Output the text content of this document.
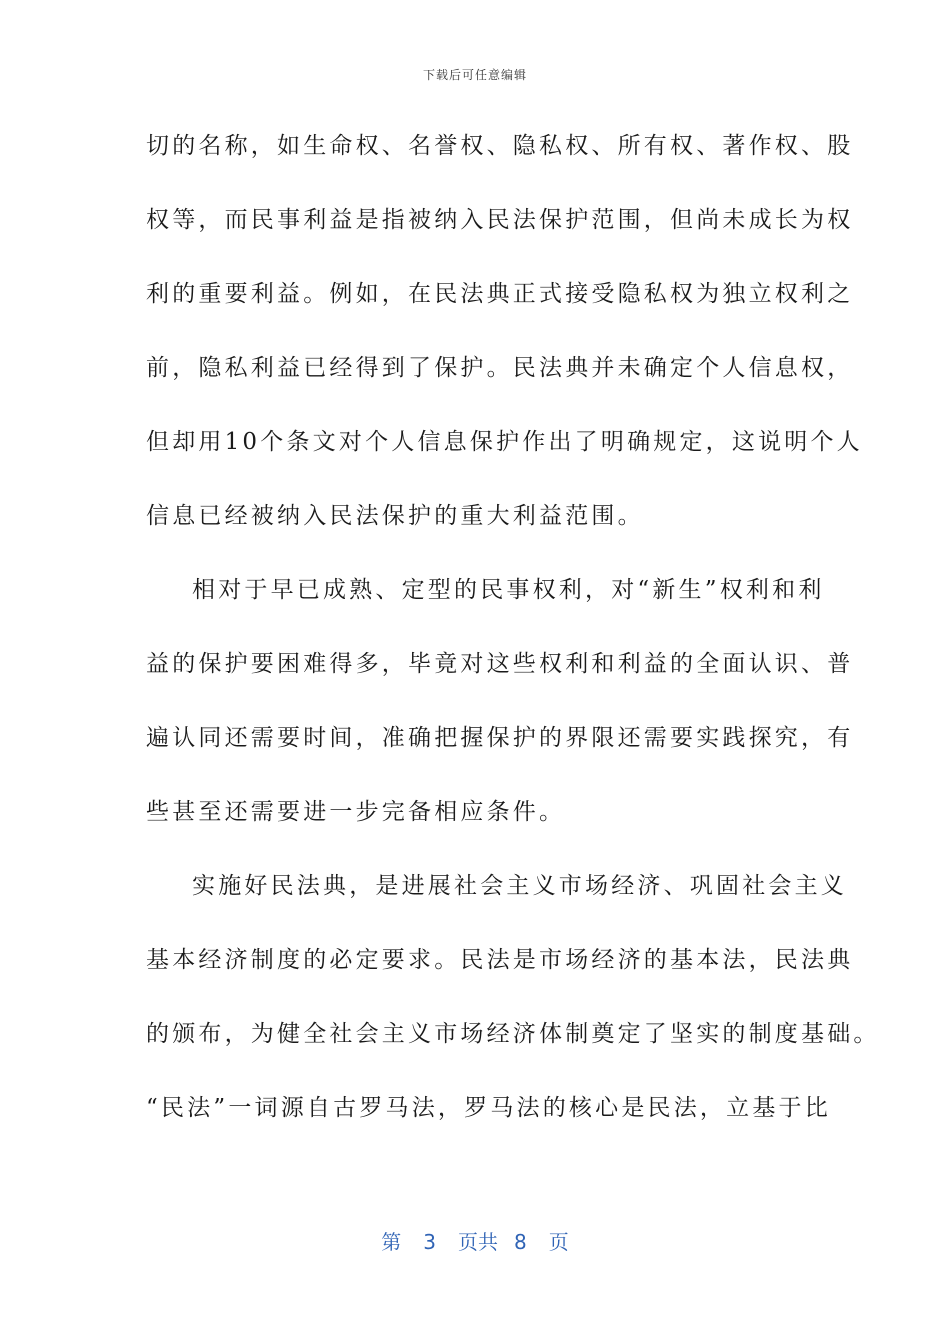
下载后可任意编辑
切的名称，如生命权、名誉权、隐私权、所有权、著作权、股
权等，而民事利益是指被纳入民法保护范围，但尚未成长为权
利的重要利益。例如，在民法典正式接受隐私权为独立权利之
前，隐私利益已经得到了保护。民法典并未确定个人信息权，
但却用10个条文对个人信息保护作出了明确规定，这说明个人
信息已经被纳入民法保护的重大利益范围。
相对于早已成熟、定型的民事权利，对“新生”权利和利
益的保护要困难得多，毕竟对这些权利和利益的全面认识、普
遍认同还需要时间，准确把握保护的界限还需要实践探究，有
些甚至还需要进一步完备相应条件。
实施好民法典，是进展社会主义市场经济、巩固社会主义
基本经济制度的必定要求。民法是市场经济的基本法，民法典
的颁布，为健全社会主义市场经济体制奠定了坚实的制度基础。
“民法”一词源自古罗马法，罗马法的核心是民法，立基于比
第 3 页共 8 页
